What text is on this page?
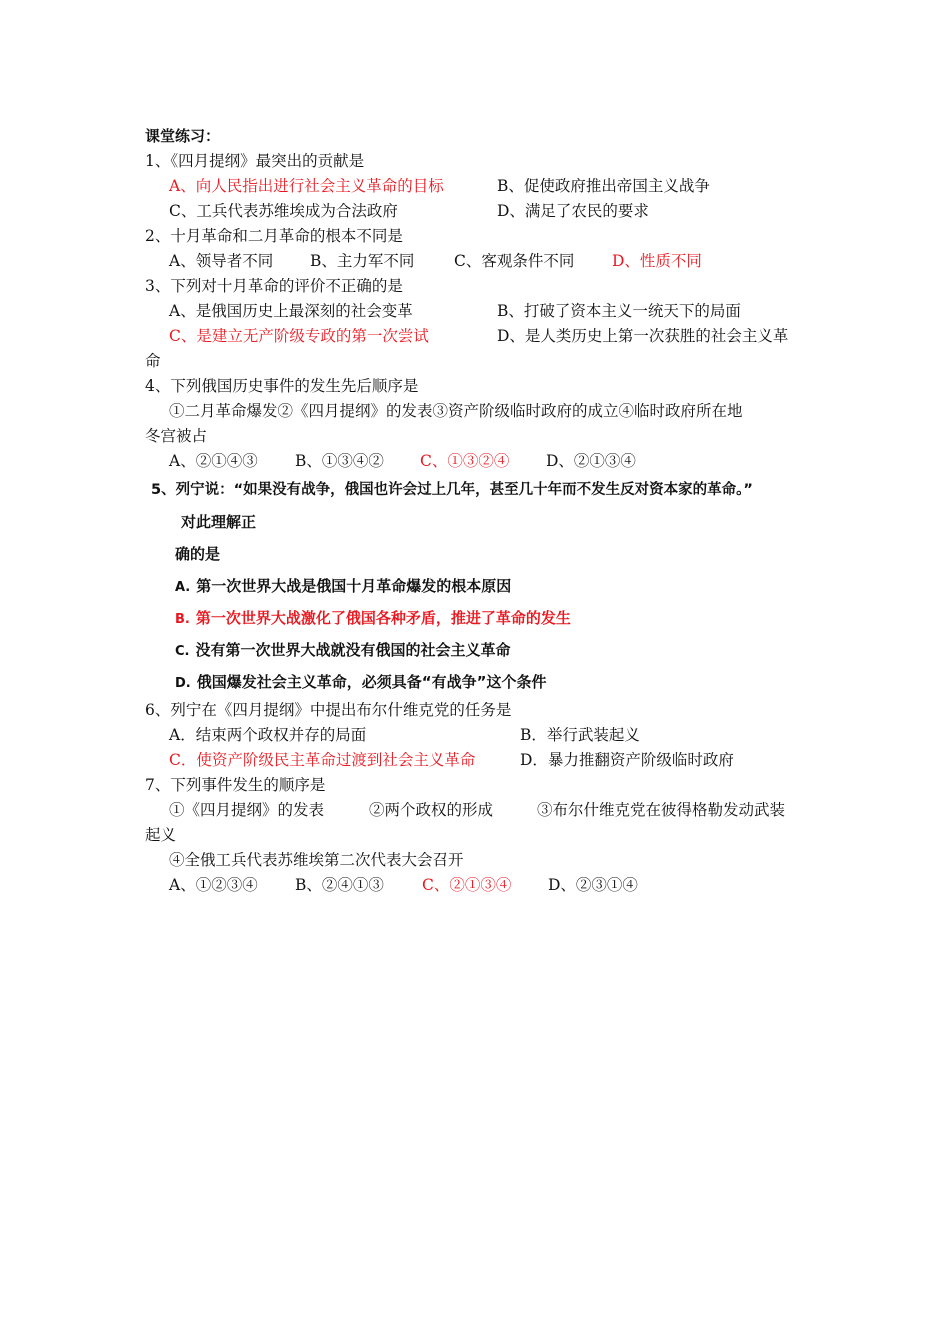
课堂练习：
1、《四月提纲》最突出的贡献是
A、向人民指出进行社会主义革命的目标	B、促使政府推出帝国主义战争
C、工兵代表苏维埃成为合法政府	D、满足了农民的要求
2、十月革命和二月革命的根本不同是
A、领导者不同 B、主力军不同	C、客观条件不同 D、性质不同
3、下列对十月革命的评价不正确的是
A、是俄国历史上最深刻的社会变革	B、打破了资本主义一统天下的局面
C、是建立无产阶级专政的第一次尝试	D、是人类历史上第一次获胜的社会主义革
命
4、下列俄国历史事件的发生先后顺序是
①二月革命爆发②《四月提纲》的发表③资产阶级临时政府的成立④临时政府所在地
冬宫被占
A、②①④③ B、①③④② C、①③②④ D、②①③④
5、列宁说：“如果没有战争，俄国也许会过上几年，甚至几十年而不发生反对资本家的革命。”
对此理解正
确的是
A. 第一次世界大战是俄国十月革命爆发的根本原因
B. 第一次世界大战激化了俄国各种矛盾，推进了革命的发生
C. 没有第一次世界大战就没有俄国的社会主义革命
D. 俄国爆发社会主义革命，必须具备“有战争”这个条件
6、列宁在《四月提纲》中提出布尔什维克党的任务是
A．结束两个政权并存的局面	B．举行武装起义
C．使资产阶级民主革命过渡到社会主义革命	D．暴力推翻资产阶级临时政府
7、下列事件发生的顺序是
①《四月提纲》的发表	②两个政权的形成	③布尔什维克党在彼得格勒发动武装
起义
④全俄工兵代表苏维埃第二次代表大会召开
A、①②③④ B、②④①③ C、②①③④ D、②③①④
